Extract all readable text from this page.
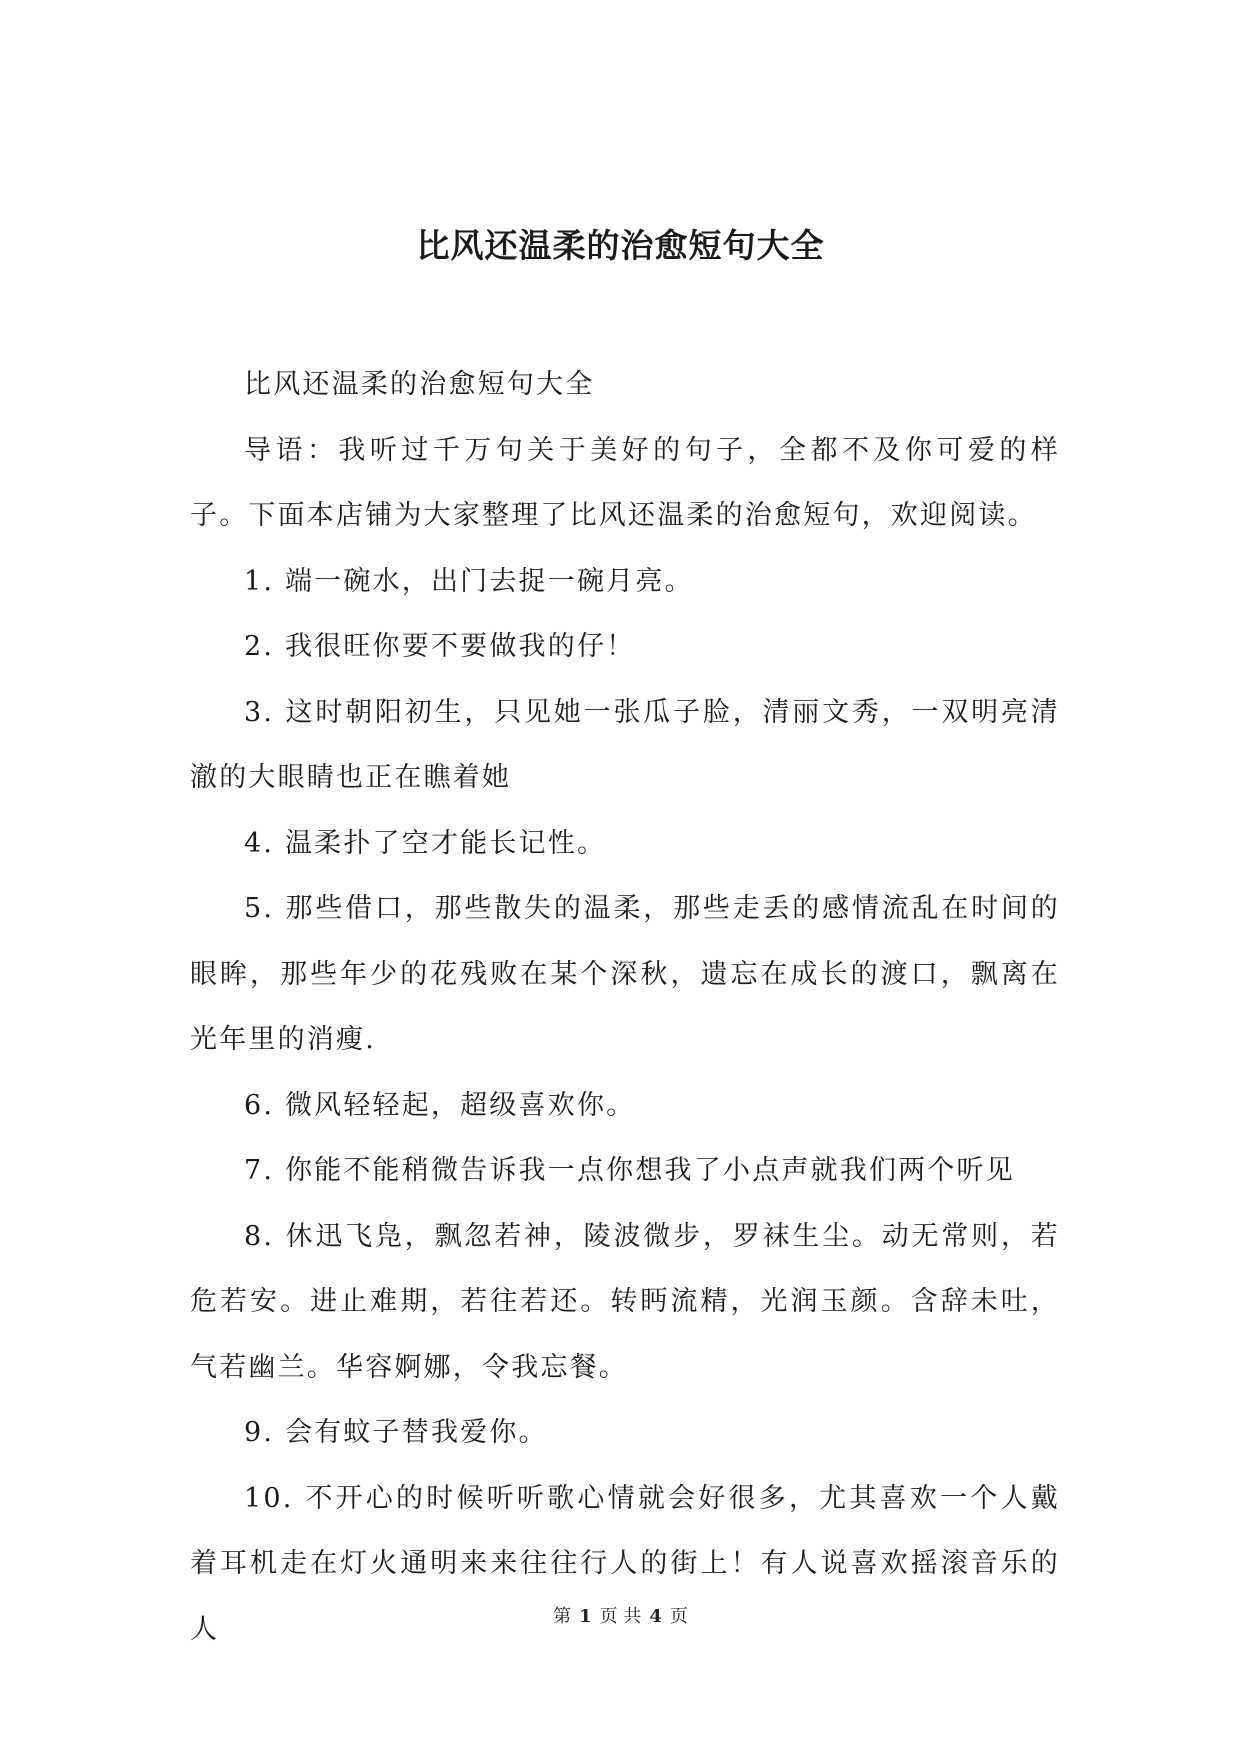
比风还温柔的治愈短句大全

比风还温柔的治愈短句大全

导语：我听过千万句关于美好的句子，全都不及你可爱的样子。下面本店铺为大家整理了比风还温柔的治愈短句，欢迎阅读。

1. 端一碗水，出门去捉一碗月亮。

2. 我很旺你要不要做我的仔！

3. 这时朝阳初生，只见她一张瓜子脸，清丽文秀，一双明亮清澈的大眼睛也正在瞧着她

4. 温柔扑了空才能长记性。

5. 那些借口，那些散失的温柔，那些走丢的感情流乱在时间的眼眸，那些年少的花残败在某个深秋，遗忘在成长的渡口，飘离在光年里的消瘦.

6. 微风轻轻起，超级喜欢你。

7. 你能不能稍微告诉我一点你想我了小点声就我们两个听见

8. 休迅飞凫，飘忽若神，陵波微步，罗袜生尘。动无常则，若危若安。进止难期，若往若还。转眄流精，光润玉颜。含辞未吐，气若幽兰。华容婀娜，令我忘餐。

9. 会有蚊子替我爱你。

10. 不开心的时候听听歌心情就会好很多，尤其喜欢一个人戴着耳机走在灯火通明来来往往行人的街上！有人说喜欢摇滚音乐的人	第 1 页 共 4 页
